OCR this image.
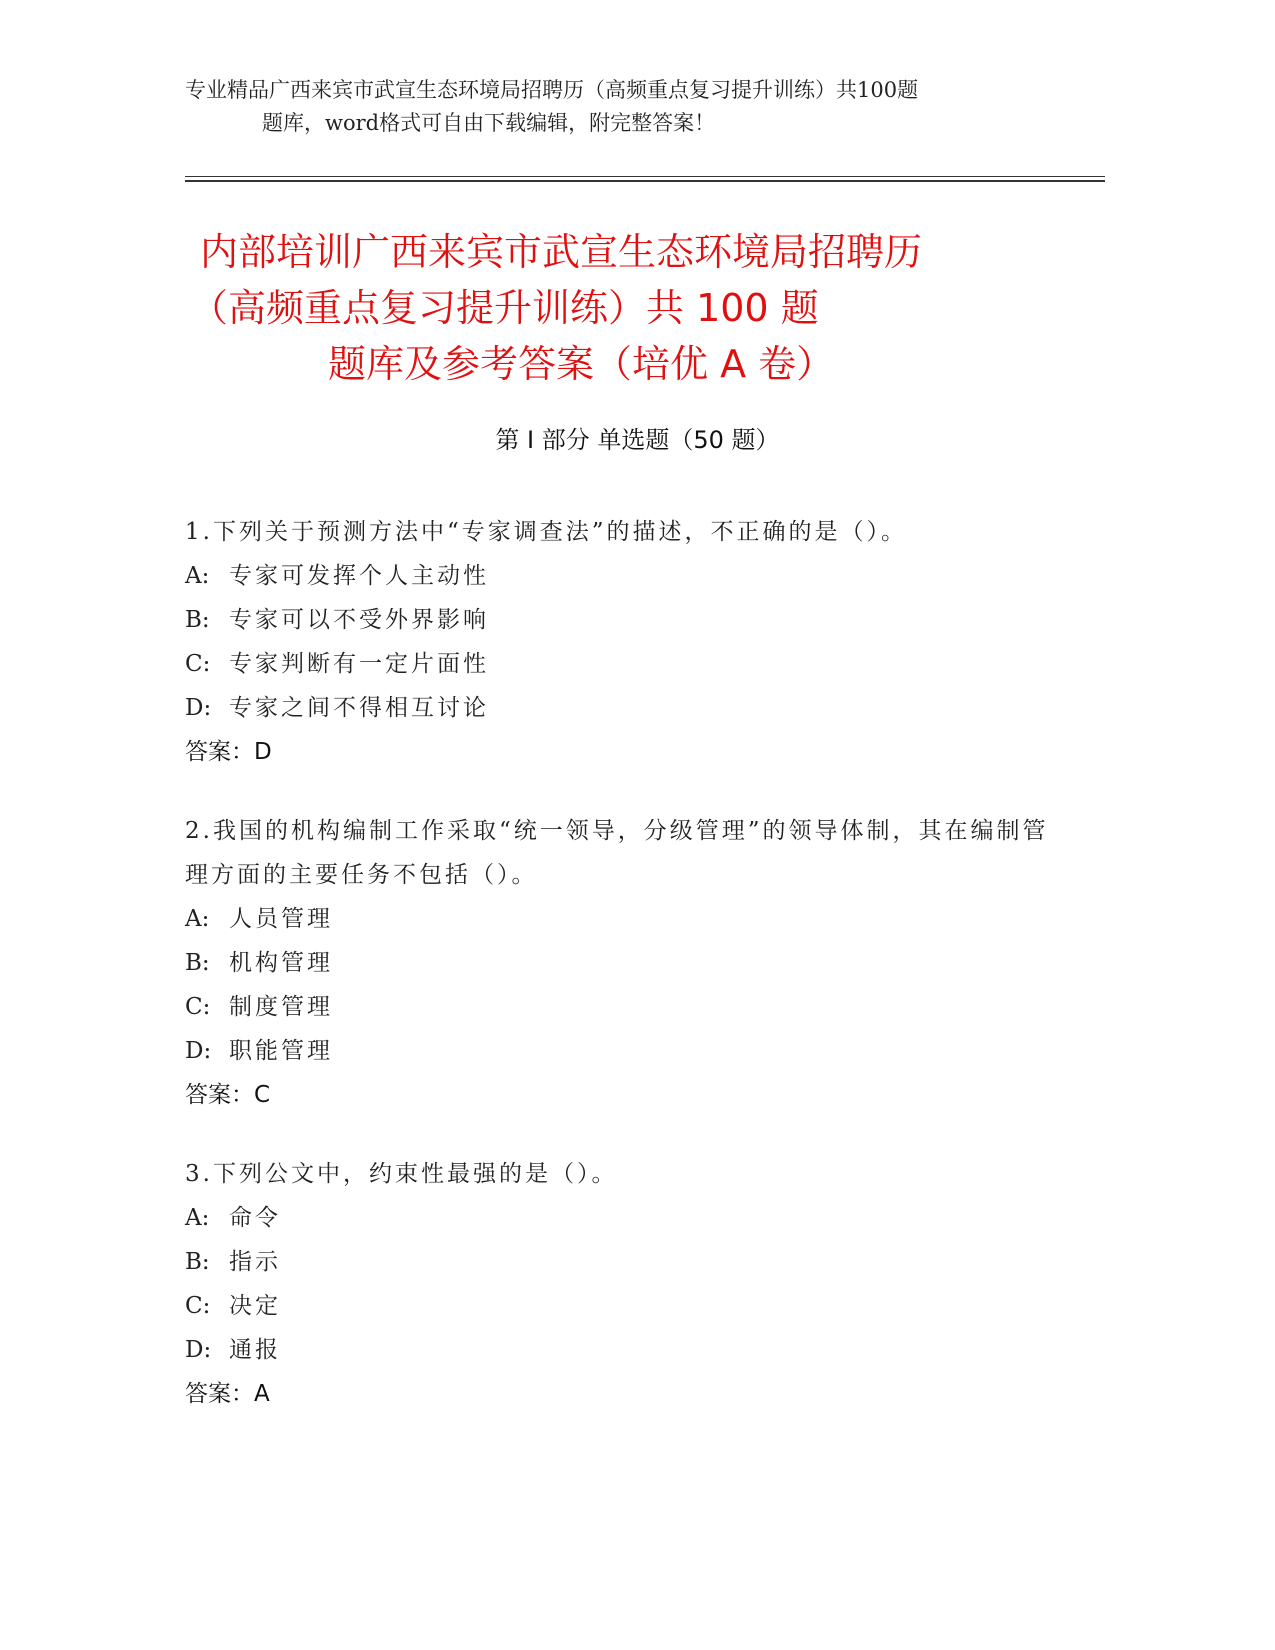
专业精品广西来宾市武宣生态环境局招聘历（高频重点复习提升训练）共100题
题库，word格式可自由下载编辑，附完整答案！
内部培训广西来宾市武宣生态环境局招聘历
（高频重点复习提升训练）共 100 题
题库及参考答案（培优 A 卷）
第 I 部分 单选题（50 题）
1.下列关于预测方法中“专家调查法”的描述，不正确的是（）。
A: 专家可发挥个人主动性
B: 专家可以不受外界影响
C: 专家判断有一定片面性
D: 专家之间不得相互讨论
答案：D
2.我国的机构编制工作采取“统一领导，分级管理”的领导体制，其在编制管理方面的主要任务不包括（）。
A: 人员管理
B: 机构管理
C: 制度管理
D: 职能管理
答案：C
3.下列公文中，约束性最强的是（）。
A: 命令
B: 指示
C: 决定
D: 通报
答案：A
